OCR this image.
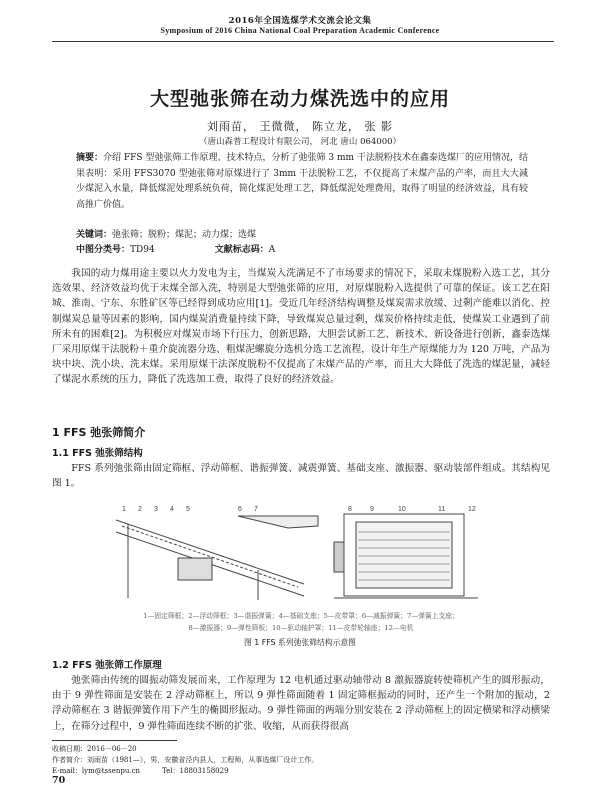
2016年全国选煤学术交流会论文集
Symposium of 2016 China National Coal Preparation Academic Conference
大型弛张筛在动力煤洗选中的应用
刘雨苗， 王微微， 陈立龙， 张 影
（唐山森普工程设计有限公司， 河北 唐山 064000）
摘要：介绍 FFS 型弛张筛工作原理、技术特点，分析了弛张筛 3 mm 干法脱粉技术在鑫泰选煤厂的应用情况，结果表明：采用 FFS3070 型弛张筛对原煤进行了 3mm 干法脱粉工艺，不仅提高了末煤产品的产率，而且大大减少煤泥入水量，降低煤泥处理系统负荷，简化煤泥处理工艺，降低煤泥处理费用，取得了明显的经济效益，具有较高推广价值。
关键词：弛张筛；脱粉；煤泥；动力煤；选煤
中图分类号：TD94	文献标志码：A
我国的动力煤用途主要以火力发电为主，当煤炭入洗满足不了市场要求的情况下，采取末煤脱粉入选工艺，其分选效果、经济效益均优于末煤全部入洗，特别是大型弛张筛的应用，对原煤脱粉入选提供了可靠的保证。该工艺在阳城、淮南、宁东、东胜矿区等已经得到成功应用[1]。受近几年经济结构调整及煤炭需求放缓、过剩产能难以消化、控制煤炭总量等因素的影响，国内煤炭消费量持续下降，导致煤炭总量过剩，煤炭价格持续走低，使煤炭工业遇到了前所未有的困难[2]。为积极应对煤炭市场下行压力，创新思路，大胆尝试新工艺、新技术、新设备进行创新，鑫泰选煤厂采用原煤干法脱粉＋重介旋流器分选、粗煤泥螺旋分选机分选工艺流程，设计年生产原煤能力为 120 万吨，产品为块中块、洗小块、洗末煤。采用原煤干法深度脱粉不仅提高了末煤产品的产率，而且大大降低了洗选的煤泥量，减轻了煤泥水系统的压力，降低了洗选加工费，取得了良好的经济效益。
1 FFS 弛张筛简介
1.1 FFS 弛张筛结构
FFS 系列弛张筛由固定筛框、浮动筛框、谐振弹簧、减震弹簧、基础支座、激振器、驱动装部件组成。其结构见图 1。
1 2 3 4 5	6 7	8	9	10	11	12
1—固定筛框；2—浮动筛框；3—谐振弹簧；4—基础支座；5—皮带罩；6—减振弹簧；7—弹簧上支座；
8—激振器；9—弹性筛板；10—驱动轴护罩；11—皮带轮轴座；12—电机
图 1 FFS 系列弛张筛结构示意图
1.2 FFS 弛张筛工作原理
弛张筛由传统的圆振动筛发展而来，工作原理为 12 电机通过驱动轴带动 8 激振器旋转使筛机产生的圆形振动，由于 9 弹性筛面是安装在 2 浮动筛框上，所以 9 弹性筛面随着 1 固定筛框振动的同时，还产生一个附加的振动，2 浮动筛框在 3 谐振弹簧作用下产生的椭圆形振动。9 弹性筛面的两端分别安装在 2 浮动筛框上的固定横梁和浮动横梁上，在筛分过程中，9 弹性筛面连续不断的扩张、收缩，从而获得很高
收稿日期：2016－06－20
作者简介：刘雨苗（1981—），男，安徽省泾内县人，工程师，从事选煤厂设计工作。
E-mail：lym@tssenpu.cn	Tel：18803158029
70
